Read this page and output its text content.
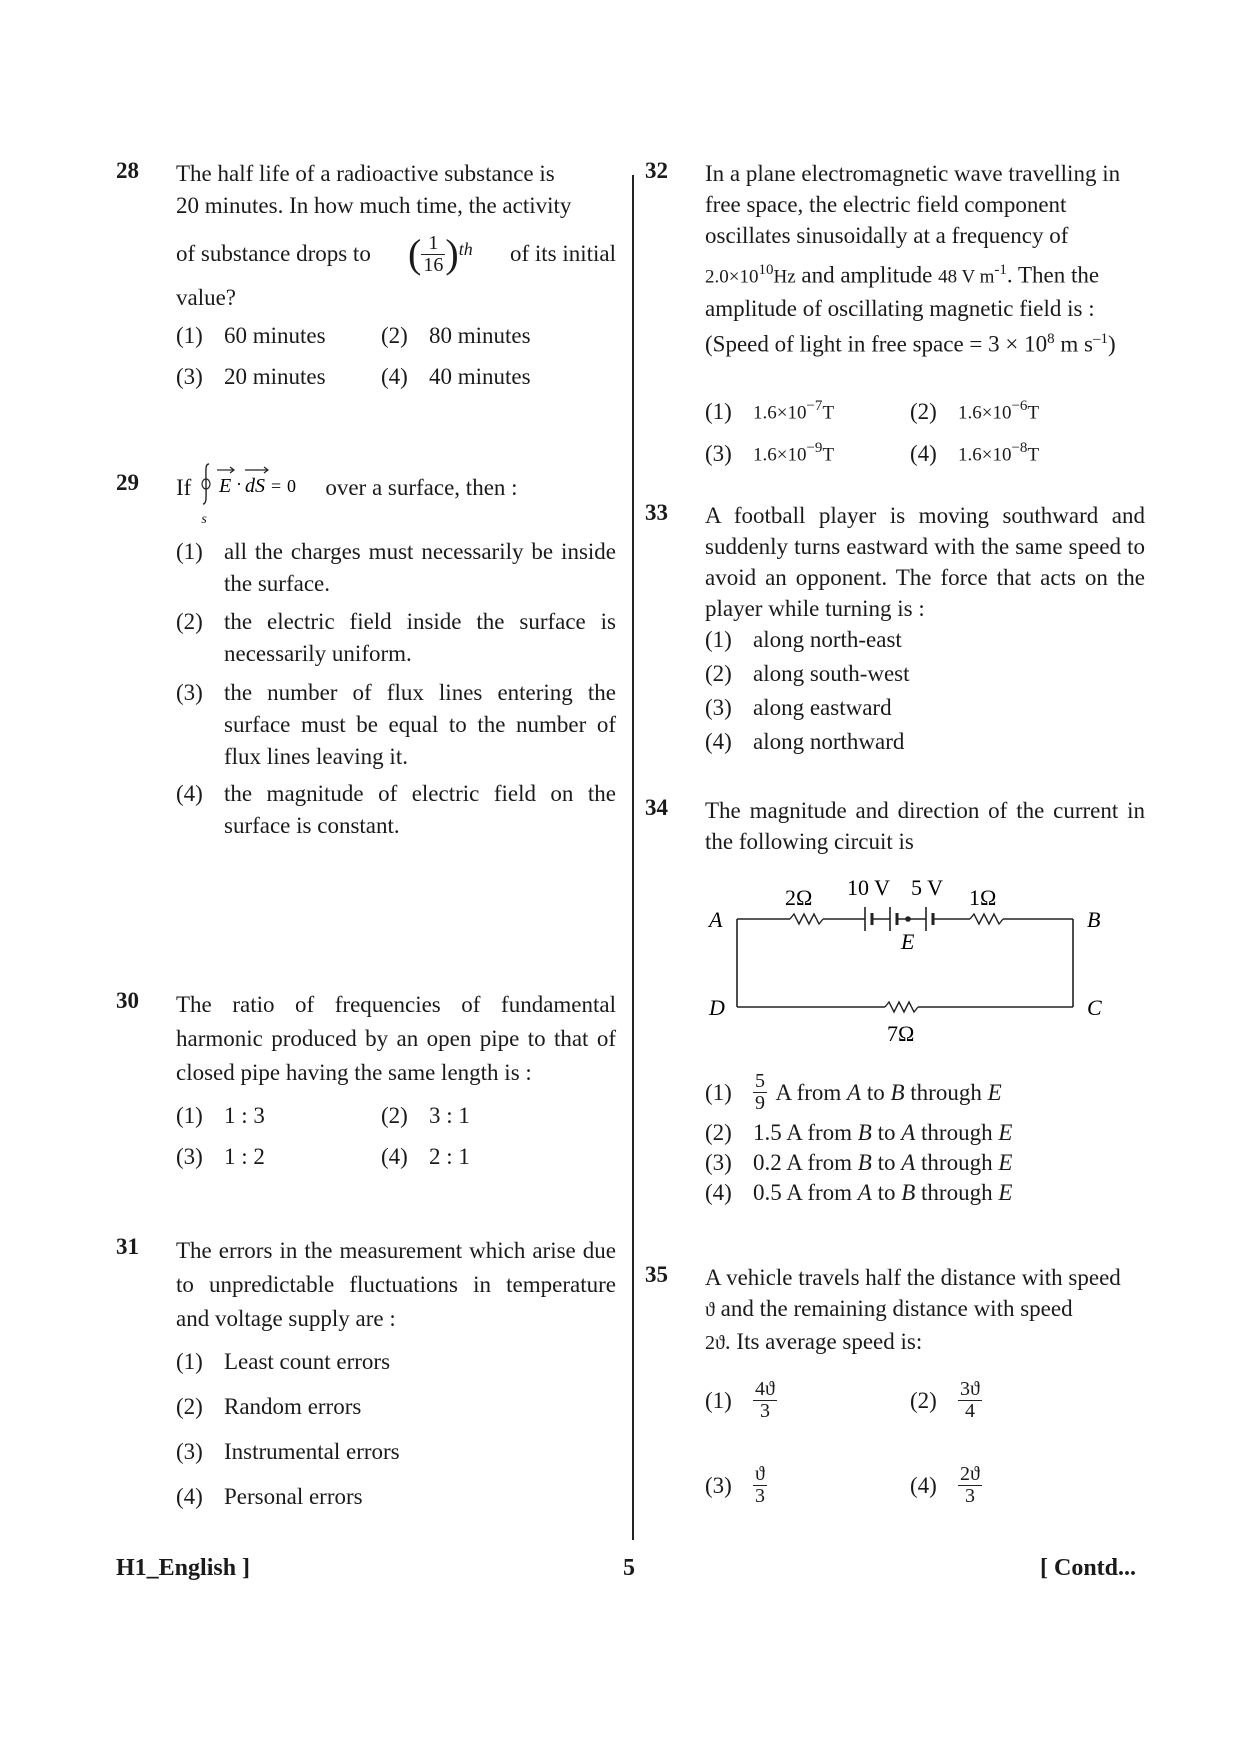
28 The half life of a radioactive substance is
20 minutes. In how much time, the activity
of substance drops to ( $\frac{1}{16}$ ) th of its initial
value?
(1) 60 minutes (2) 80 minutes
(3) 20 minutes (4) 40 minutes
29 If E · dS = 0
s
over a surface, then :
(1) all the charges must necessarily be inside the surface.
(2) the electric field inside the surface is necessarily uniform.
(3) the number of flux lines entering the surface must be equal to the number of flux lines leaving it.
(4) the magnitude of electric field on the surface is constant.
30 The ratio of frequencies of fundamental harmonic produced by an open pipe to that of closed pipe having the same length is :
(1) 1 : 3	(2) 3 : 1
(3) 1 : 2	(4) 2 : 1
31 The errors in the measurement which arise due to unpredictable fluctuations in temperature and voltage supply are :
(1) Least count errors
(2) Random errors
(3) Instrumental errors
(4) Personal errors
32 In a plane electromagnetic wave travelling in
free space, the electric field component
oscillates sinusoidally at a frequency of
$2.0\times 10^{10}Hz$ and amplitude 48 V $m^{-1}$. Then the
amplitude of oscillating magnetic field is :
(Speed of light in free space = $3 \times 10^8$ m $s^{-1}$)
(1) $1.6\times 10^{-7}T$	(2) $1.6\times 10^{-6}T$
(3) $1.6\times 10^{-9}T$	(4) $1.6\times 10^{-8}T$
33 A football player is moving southward and suddenly turns eastward with the same speed to avoid an opponent. The force that acts on the player while turning is :
(1) along north-east
(2) along south-west
(3) along eastward
(4) along northward
34 The magnitude and direction of the current in the following circuit is
2Ω 10 V 5 V 1Ω
7Ω
A	B
C
D
E
(1)	$\frac{5}{9}$ A from A to B through E
(2) 1.5 A from B to A through E
(3) 0.2 A from B to A through E
(4) 0.5 A from A to B through E
35 A vehicle travels half the distance with speed
ϑ and the remaining distance with speed
2ϑ. Its average speed is:
(1)	$\frac{4ϑ}{3}$	(2)	$\frac{3ϑ}{4}$
(3)	$\frac{ϑ}{3}$	(4)	$\frac{2ϑ}{3}$
H1_English ]	5	[ Contd...
